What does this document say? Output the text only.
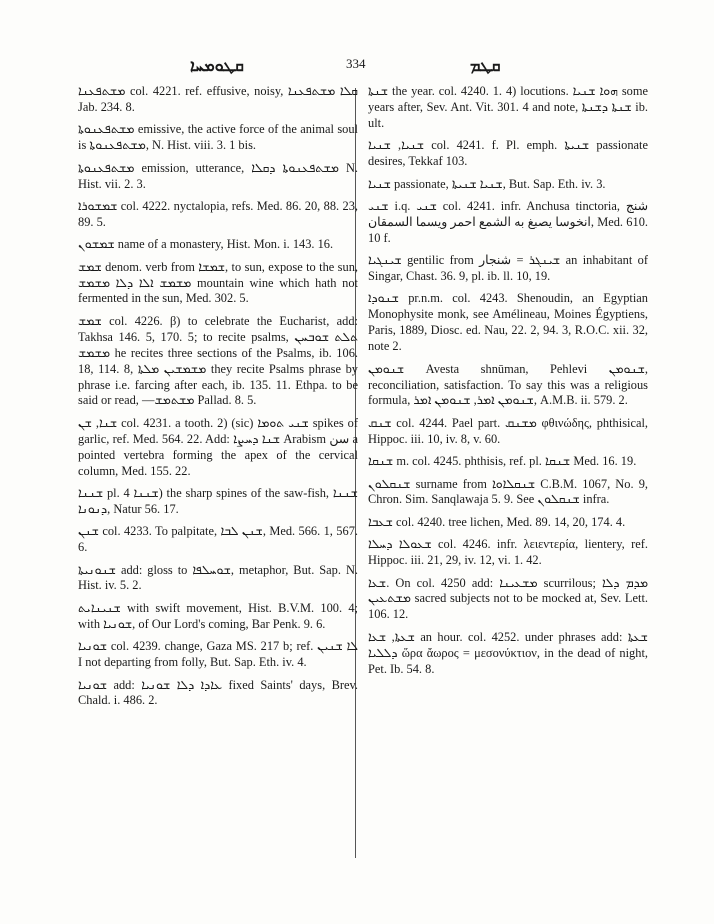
ܩܛܘܡܚܐ	334	ܩܛܡ

ܡܫܬܦܥܢܐ col. 4221. ref. effusive, noisy, ܩܠܐ ܡܫܬܦܥܢܐ Jab. 234. 8.

ܡܫܬܦܥܢܘܬܐ emissive, the active force of the animal soul is ܡܫܬܦܥܢܘܬܐ, N. Hist. viii. 3. 1 bis.

ܡܫܬܦܥܢܘܬܐ emission, utterance, ܡܫܬܦܥܢܘܬܐ ܕܩܠܐ N. Hist. vii. 2. 3.

ܫܡܫܘܪܐ col. 4222. nyctalopia, refs. Med. 86. 20, 88. 23, 89. 5.

ܫܡܫܘܢ name of a monastery, Hist. Mon. i. 143. 16.

ܫܡܫ denom. verb from ܫܡܫܐ, to sun, expose to the sun, ܡܫܡܫ ܐܠܐ ܕܠܐ ܡܫܡܫ mountain wine which hath not fermented in the sun, Med. 302. 5.

ܫܡܫ col. 4226. β) to celebrate the Eucharist, add: Takhsa 146. 5, 170. 5; to recite psalms, ܬܠܬ ܫܘܒܚܢ ܡܫܡܫ he recites three sections of the Psalms, ib. 106. 18, 114. 8, ܡܫܡܫܝܢ ܡܠܬܐ they recite Psalms phrase by phrase i.e. farcing after each, ib. 135. 11. Ethpa. to be said or read, —ܡܫܬܡܫ Pallad. 8. 5.

ܫܢܐ, ܫܢ col. 4231. a tooth. 2) (sic) ܫܢܝ ܬܘܡܐ spikes of garlic, ref. Med. 564. 22. Add: ܫܢܐ ܕܚܨܐ Arabism سن a pointed vertebra forming the apex of the cervical column, Med. 155. 22.

ܫܢܢܐ pl. ܫܢܢܐ 4) the sharp spines of the saw-fish, ܫܢܢܐ ܕܢܘܢܐ, Natur 56. 17.

ܫܢܢ col. 4233. To palpitate, ܫܢܢ ܠܒܐ, Med. 566. 1, 567. 6.

ܫܢܘܢܝܬܐ add: gloss to ܫܘܚܠܦܐ, metaphor, But. Sap. N. Hist. iv. 5. 2.

ܫܢܝܢܐܝܬ with swift movement, Hist. B.V.M. 100. 4; with ܫܘܢܝܐ, of Our Lord's coming, Bar Penk. 9. 6.

ܫܘܢܝܐ col. 4239. change, Gaza MS. 217 b; ref. ܠܐ ܫܢܝܢ I not departing from folly, But. Sap. Eth. iv. 4.

ܫܘܢܝܐ add: ܥܐܕܐ ܕܠܐ ܫܘܢܝܐ fixed Saints' days, Brev. Chald. i. 486. 2.

ܫܢܬܐ the year. col. 4240. 1. 4) locutions. ܗܘܐ ܫܢܝܐ some years after, Sev. Ant. Vit. 301. 4 and note, ܫܢܬܐ ܕܫܢܬܐ ib. ult.

ܫܢܝܐ, ܫܢܝܐ col. 4241. f. Pl. emph. ܫܢܝܬܐ passionate desires, Tekkaf 103.

ܫܢܝܐ passionate, ܫܢܝܐ ܫܢܝܬܐ, But. Sap. Eth. iv. 3.

ܫܢܝ i.q. ܫܢܝ col. 4241. infr. Anchusa tinctoria, شنج انخوسا يصبغ به الشمع احمر ويسما السمقان, Med. 610. 10 f.

ܫܝܢܓܝܐ gentilic from ܫܝܢܓܪ = شنجار an inhabitant of Singar, Chast. 36. 9, pl. ib. ll. 10, 19.

ܫܢܘܕܐ pr.n.m. col. 4243. Shenoudin, an Egyptian Monophysite monk, see Amélineau, Moines Égyptiens, Paris, 1889, Diosc. ed. Nau, 22. 2, 94. 3, R.O.C. xii. 32, note 2.

ܫܢܘܡܢ Avesta shnūman, Pehlevi ܫܢܘܡܢ, reconciliation, satisfaction. To say this was a religious formula, ܫܢܘܡܢ ܐܡܪ, ܫܢܘܡܢ ܐܡܪ, A.M.B. ii. 579. 2.

ܫܢܩ col. 4244. Pael part. ܡܫܢܩ φθινώδης, phthisical, Hippoc. iii. 10, iv. 8, v. 60.

ܫܢܩܐ m. col. 4245. phthisis, ref. pl. ܫܢܩܐ Med. 16. 19.

ܫܢܩܠܘܢ surname from ܫܢܩܠܐܘܐ C.B.M. 1067, No. 9, Chron. Sim. Sanqlawaja 5. 9. See ܫܢܩܠܘܢ infra.

ܫܥܒܐ col. 4240. tree lichen, Med. 89. 14, 20, 174. 4.

ܫܥܘܠܐ ܕܚܠܐ col. 4246. infr. λειεντερία, lientery, ref. Hippoc. iii. 21, 29, iv. 12, vi. 1. 42.

ܫܥܐ. On col. 4250 add: ܡܫܥܝܢܐ scurrilous; ܡܕܡ ܕܠܐ ܡܫܬܥܝܢ sacred subjects not to be mocked at, Sev. Lett. 106. 12.

ܫܥܬܐ, ܫܥܐ an hour. col. 4252. under phrases add: ܫܥܬܐ ܕܠܠܝܐ ὥρα ἄωρος = μεσονύκτιον, in the dead of night, Pet. Ib. 54. 8.
